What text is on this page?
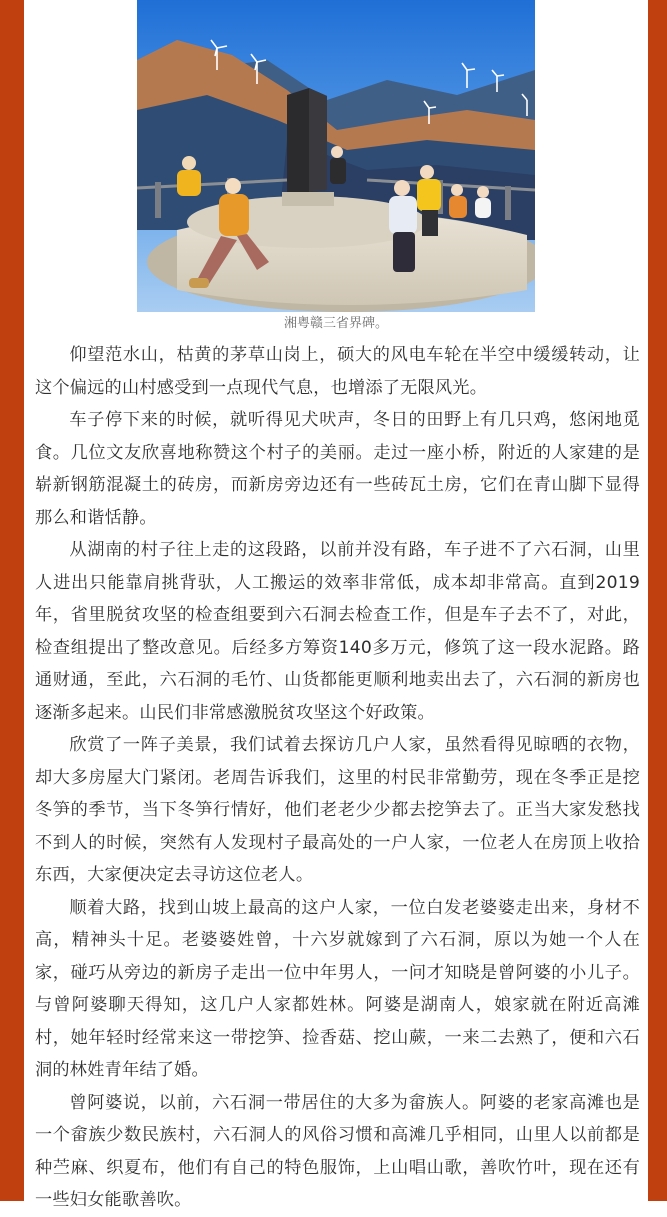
湘粤赣三省界碑。

仰望范水山，枯黄的茅草山岗上，硕大的风电车轮在半空中缓缓转动，让这个偏远的山村感受到一点现代气息，也增添了无限风光。

车子停下来的时候，就听得见犬吠声，冬日的田野上有几只鸡，悠闲地觅食。几位文友欣喜地称赞这个村子的美丽。走过一座小桥，附近的人家建的是崭新钢筋混凝土的砖房，而新房旁边还有一些砖瓦土房，它们在青山脚下显得那么和谐恬静。

从湖南的村子往上走的这段路，以前并没有路，车子进不了六石洞，山里人进出只能靠肩挑背驮，人工搬运的效率非常低，成本却非常高。直到2019年，省里脱贫攻坚的检查组要到六石洞去检查工作，但是车子去不了，对此，检查组提出了整改意见。后经多方筹资140多万元，修筑了这一段水泥路。路通财通，至此，六石洞的毛竹、山货都能更顺利地卖出去了，六石洞的新房也逐渐多起来。山民们非常感激脱贫攻坚这个好政策。

欣赏了一阵子美景，我们试着去探访几户人家，虽然看得见晾晒的衣物，却大多房屋大门紧闭。老周告诉我们，这里的村民非常勤劳，现在冬季正是挖冬笋的季节，当下冬笋行情好，他们老老少少都去挖笋去了。正当大家发愁找不到人的时候，突然有人发现村子最高处的一户人家，一位老人在房顶上收拾东西，大家便决定去寻访这位老人。

顺着大路，找到山坡上最高的这户人家，一位白发老婆婆走出来，身材不高，精神头十足。老婆婆姓曾，十六岁就嫁到了六石洞，原以为她一个人在家，碰巧从旁边的新房子走出一位中年男人，一问才知晓是曾阿婆的小儿子。与曾阿婆聊天得知，这几户人家都姓林。阿婆是湖南人，娘家就在附近高滩村，她年轻时经常来这一带挖笋、捡香菇、挖山蕨，一来二去熟了，便和六石洞的林姓青年结了婚。

曾阿婆说，以前，六石洞一带居住的大多为畲族人。阿婆的老家高滩也是一个畲族少数民族村，六石洞人的风俗习惯和高滩几乎相同，山里人以前都是种苎麻、织夏布，他们有自己的特色服饰，上山唱山歌，善吹竹叶，现在还有一些妇女能歌善吹。
